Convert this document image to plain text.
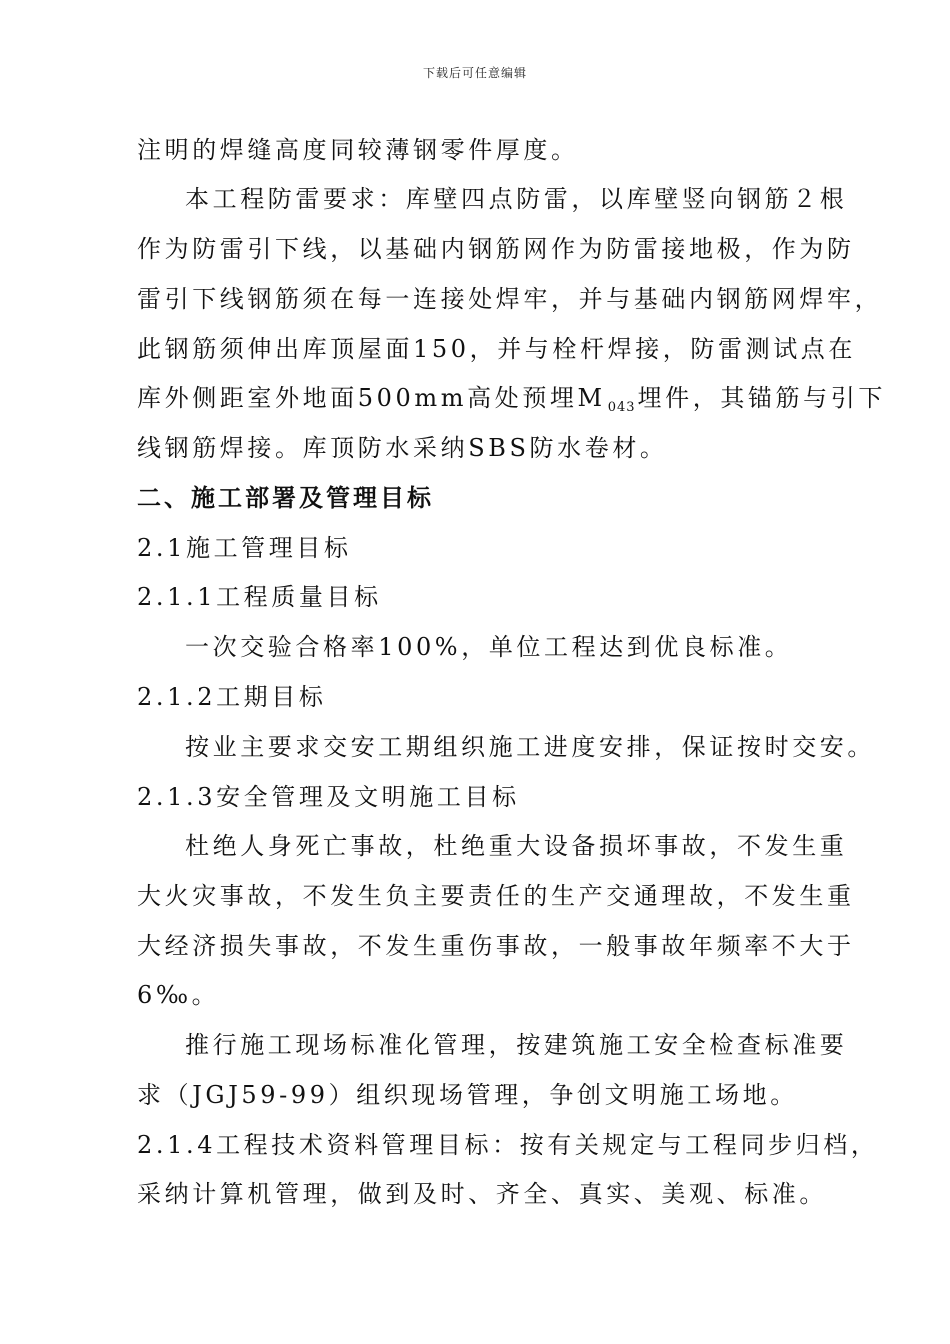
下载后可任意编辑
注明的焊缝高度同较薄钢零件厚度。
本工程防雷要求：库壁四点防雷，以库壁竖向钢筋２根
作为防雷引下线，以基础内钢筋网作为防雷接地极，作为防
雷引下线钢筋须在每一连接处焊牢，并与基础内钢筋网焊牢，
此钢筋须伸出库顶屋面150，并与栓杆焊接，防雷测试点在
库外侧距室外地面500mm高处预埋M $_{043}$埋件，其锚筋与引下
线钢筋焊接。库顶防水采纳SBS防水卷材。
二、施工部署及管理目标
2.1施工管理目标
2.1.1工程质量目标
一次交验合格率100%，单位工程达到优良标准。
2.1.2工期目标
按业主要求交安工期组织施工进度安排，保证按时交安。
2.1.3安全管理及文明施工目标
杜绝人身死亡事故，杜绝重大设备损坏事故，不发生重
大火灾事故，不发生负主要责任的生产交通理故，不发生重
大经济损失事故，不发生重伤事故，一般事故年频率不大于
6‰。
推行施工现场标准化管理，按建筑施工安全检查标准要
求（JGJ59-99）组织现场管理，争创文明施工场地。
2.1.4工程技术资料管理目标：按有关规定与工程同步归档，
采纳计算机管理，做到及时、齐全、真实、美观、标准。
